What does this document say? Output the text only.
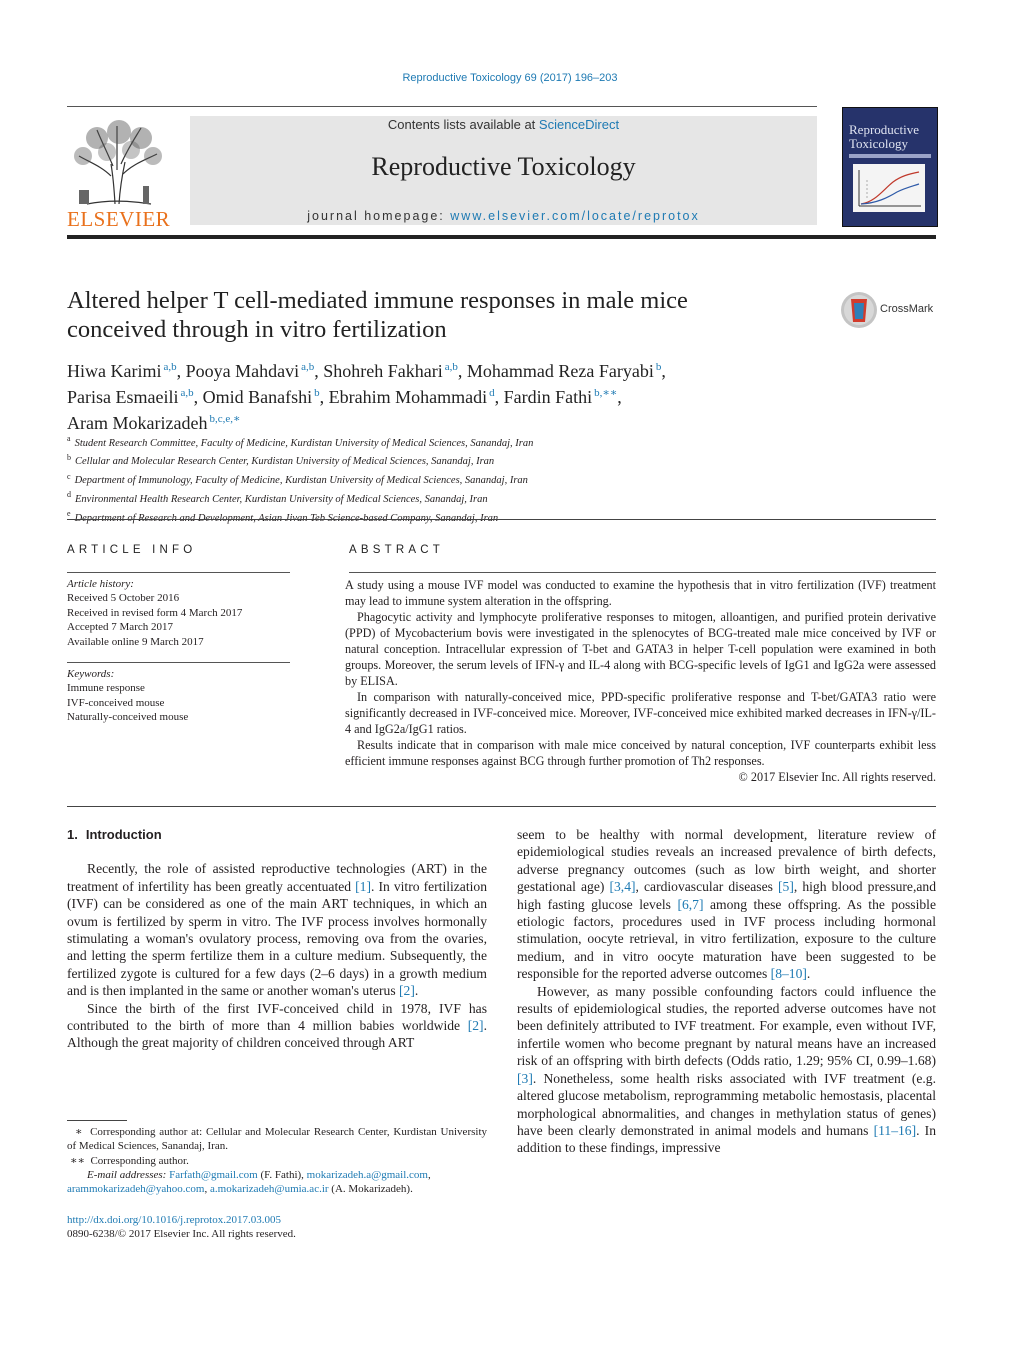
Reproductive Toxicology 69 (2017) 196–203
ELSEVIER
Contents lists available at ScienceDirect
Reproductive Toxicology
journal homepage: www.elsevier.com/locate/reprotox
Reproductive
Toxicology
Altered helper T cell-mediated immune responses in male mice
conceived through in vitro fertilization
CrossMark
Hiwa Karimi $^{a,b}$, Pooya Mahdavi $^{a,b}$, Shohreh Fakhari $^{a,b}$, Mohammad Reza Faryabi $^b$,
Parisa Esmaeili $^{a,b}$, Omid Banafshi $^b$, Ebrahim Mohammadi $^d$, Fardin Fathi $^{b,∗∗}$,
Aram Mokarizadeh $^{b,c,e,∗}$
$^a$ Student Research Committee, Faculty of Medicine, Kurdistan University of Medical Sciences, Sanandaj, Iran
$^b$ Cellular and Molecular Research Center, Kurdistan University of Medical Sciences, Sanandaj, Iran
$^c$ Department of Immunology, Faculty of Medicine, Kurdistan University of Medical Sciences, Sanandaj, Iran
$^d$ Environmental Health Research Center, Kurdistan University of Medical Sciences, Sanandaj, Iran
$^e$
ARTICLE INFO	ABSTRACT
Article history:
Received 5 October 2016
Received in revised form 4 March 2017
Accepted 7 March 2017
Available online 9 March 2017
Keywords:
Immune response
IVF-conceived mouse
Naturally-conceived mouse

A study using a mouse IVF model was conducted to examine the hypothesis that in vitro fertilization (IVF) treatment may lead to immune system alteration in the offspring.

Phagocytic activity and lymphocyte proliferative responses to mitogen, alloantigen, and purified protein derivative (PPD) of Mycobacterium bovis were investigated in the splenocytes of BCG-treated male mice conceived by IVF or natural conception. Intracellular expression of T-bet and GATA3 in helper T-cell population were examined in both groups. Moreover, the serum levels of IFN-γ and IL-4 along with BCG-specific levels of IgG1 and IgG2a were assessed by ELISA.

In comparison with naturally-conceived mice, PPD-specific proliferative response and T-bet/GATA3 ratio were significantly decreased in IVF-conceived mice. Moreover, IVF-conceived mice exhibited marked decreases in IFN-γ/IL-4 and IgG2a/IgG1 ratios.

Results indicate that in comparison with male mice conceived by natural conception, IVF counterparts exhibit less efficient immune responses against BCG through further promotion of Th2 responses.

© 2017 Elsevier Inc. All rights reserved.
1. Introduction

Recently, the role of assisted reproductive technologies (ART) in the treatment of infertility has been greatly accentuated [1]. In vitro fertilization (IVF) can be considered as one of the main ART techniques, in which an ovum is fertilized by sperm in vitro. The IVF process involves hormonally stimulating a woman's ovulatory process, removing ova from the ovaries, and letting the sperm fertilize them in a culture medium. Subsequently, the fertilized zygote is cultured for a few days (2–6 days) in a growth medium and is then implanted in the same or another woman's uterus [2].

Since the birth of the first IVF-conceived child in 1978, IVF has contributed to the birth of more than 4 million babies worldwide [2]. Although the great majority of children conceived through ART

seem to be healthy with normal development, literature review of epidemiological studies reveals an increased prevalence of birth defects, adverse pregnancy outcomes (such as low birth weight, and shorter gestational age) [3,4], cardiovascular diseases [5], high blood pressure,and high fasting glucose levels [6,7] among these offspring. As the possible etiologic factors, procedures used in IVF process including hormonal stimulation, oocyte retrieval, in vitro fertilization, exposure to the culture medium, and in vitro oocyte maturation have been suggested to be responsible for the reported adverse outcomes [8–10].

However, as many possible confounding factors could influence the results of epidemiological studies, the reported adverse outcomes have not been definitely attributed to IVF treatment. For example, even without IVF, infertile women who become pregnant by natural means have an increased risk of an offspring with birth defects (Odds ratio, 1.29; 95% CI, 0.99–1.68) [3]. Nonetheless, some health risks associated with IVF treatment (e.g. altered glucose metabolism, reprogramming metabolic hemostasis, placental morphological abnormalities, and changes in methylation status of genes) have been clearly demonstrated in animal models and humans [11–16]. In addition to these findings, impressive

∗ Corresponding author at: Cellular and Molecular Research Center, Kurdistan University of Medical Sciences, Sanandaj, Iran.

∗∗ Corresponding author.

E-mail addresses: Farfath@gmail.com (F. Fathi), mokarizadeh.a@gmail.com,
arammokarizadeh@yahoo.com, a.mokarizadeh@umia.ac.ir (A. Mokarizadeh).

http://dx.doi.org/10.1016/j.reprotox.2017.03.005
0890-6238/© 2017 Elsevier Inc. All rights reserved.
